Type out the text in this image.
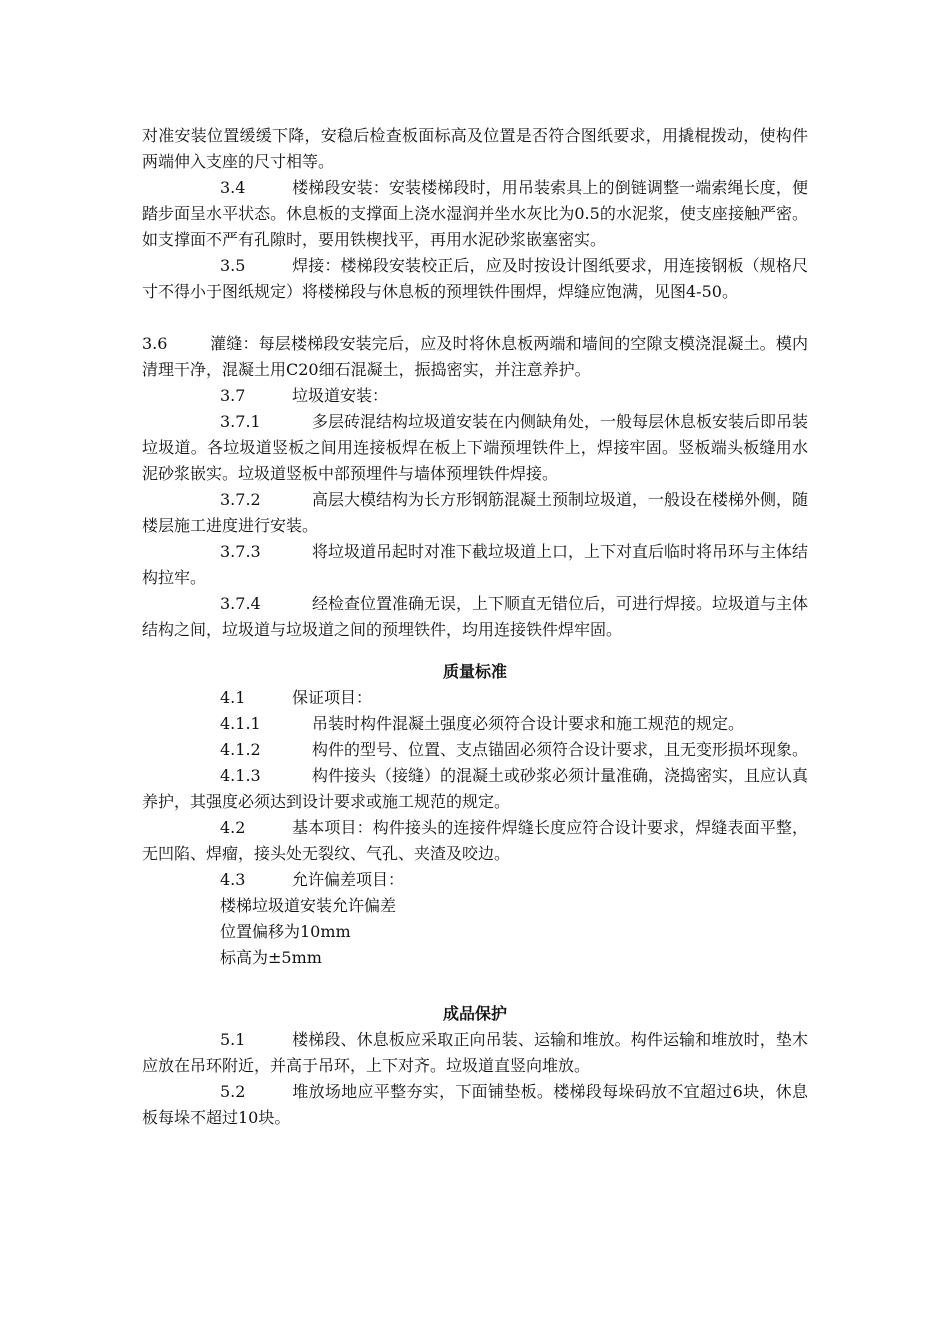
对准安装位置缓缓下降，安稳后检查板面标高及位置是否符合图纸要求，用撬棍拨动，使构件两端伸入支座的尺寸相等。

3.4	楼梯段安装：安装楼梯段时，用吊装索具上的倒链调整一端索绳长度，便踏步面呈水平状态。休息板的支撑面上浇水湿润并坐水灰比为0.5的水泥浆，使支座接触严密。如支撑面不严有孔隙时，要用铁楔找平，再用水泥砂浆嵌塞密实。

3.5	焊接：楼梯段安装校正后，应及时按设计图纸要求，用连接钢板（规格尺寸不得小于图纸规定）将楼梯段与休息板的预埋铁件围焊，焊缝应饱满，见图4-50。

3.6	灌缝：每层楼梯段安装完后，应及时将休息板两端和墙间的空隙支模浇混凝土。模内清理干净，混凝土用C20细石混凝土，振捣密实，并注意养护。

3.7	垃圾道安装：

3.7.1	多层砖混结构垃圾道安装在内侧缺角处，一般每层休息板安装后即吊装垃圾道。各垃圾道竖板之间用连接板焊在板上下端预埋铁件上，焊接牢固。竖板端头板缝用水泥砂浆嵌实。垃圾道竖板中部预埋件与墙体预埋铁件焊接。

3.7.2	高层大模结构为长方形钢筋混凝土预制垃圾道，一般设在楼梯外侧，随楼层施工进度进行安装。

3.7.3	将垃圾道吊起时对准下截垃圾道上口，上下对直后临时将吊环与主体结构拉牢。

3.7.4	经检查位置准确无误，上下顺直无错位后，可进行焊接。垃圾道与主体结构之间，垃圾道与垃圾道之间的预埋铁件，均用连接铁件焊牢固。

质量标准

4.1	保证项目：

4.1.1	吊装时构件混凝土强度必须符合设计要求和施工规范的规定。

4.1.2	构件的型号、位置、支点锚固必须符合设计要求，且无变形损坏现象。

4.1.3	构件接头（接缝）的混凝土或砂浆必须计量准确，浇捣密实，且应认真养护，其强度必须达到设计要求或施工规范的规定。

4.2	基本项目：构件接头的连接件焊缝长度应符合设计要求，焊缝表面平整，无凹陷、焊瘤，接头处无裂纹、气孔、夹渣及咬边。

4.3	允许偏差项目：

楼梯垃圾道安装允许偏差

位置偏移为10mm

标高为±5mm

成品保护

5.1	楼梯段、休息板应采取正向吊装、运输和堆放。构件运输和堆放时，垫木应放在吊环附近，并高于吊环，上下对齐。垃圾道直竖向堆放。

5.2	堆放场地应平整夯实，下面铺垫板。楼梯段每垛码放不宜超过6块，休息板每垛不超过10块。
